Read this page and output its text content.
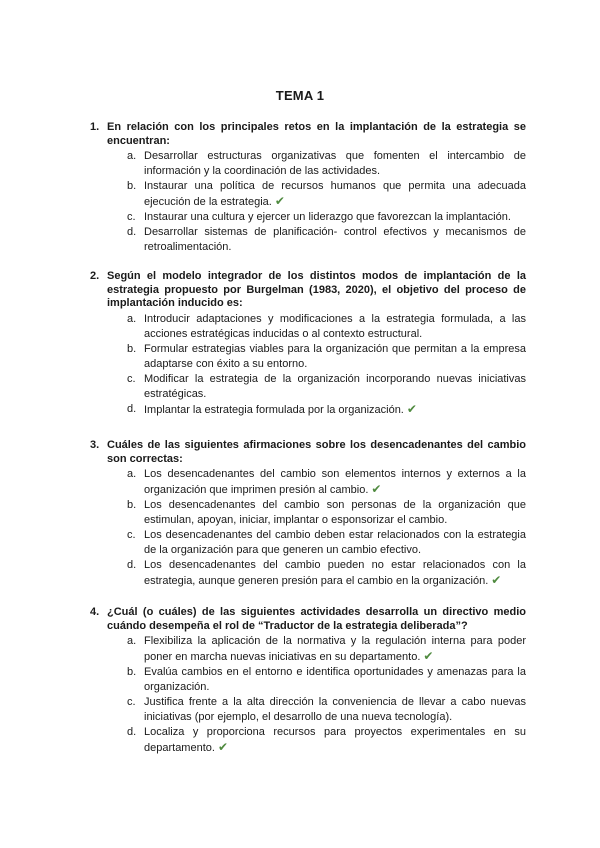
TEMA 1
1. En relación con los principales retos en la implantación de la estrategia se encuentran:
a. Desarrollar estructuras organizativas que fomenten el intercambio de información y la coordinación de las actividades.
b. Instaurar una política de recursos humanos que permita una adecuada ejecución de la estrategia. ✔
c. Instaurar una cultura y ejercer un liderazgo que favorezcan la implantación.
d. Desarrollar sistemas de planificación- control efectivos y mecanismos de retroalimentación.
2. Según el modelo integrador de los distintos modos de implantación de la estrategia propuesto por Burgelman (1983, 2020), el objetivo del proceso de implantación inducido es:
a. Introducir adaptaciones y modificaciones a la estrategia formulada, a las acciones estratégicas inducidas o al contexto estructural.
b. Formular estrategias viables para la organización que permitan a la empresa adaptarse con éxito a su entorno.
c. Modificar la estrategia de la organización incorporando nuevas iniciativas estratégicas.
d. Implantar la estrategia formulada por la organización. ✔
3. Cuáles de las siguientes afirmaciones sobre los desencadenantes del cambio son correctas:
a. Los desencadenantes del cambio son elementos internos y externos a la organización que imprimen presión al cambio. ✔
b. Los desencadenantes del cambio son personas de la organización que estimulan, apoyan, iniciar, implantar o esponsorizar el cambio.
c. Los desencadenantes del cambio deben estar relacionados con la estrategia de la organización para que generen un cambio efectivo.
d. Los desencadenantes del cambio pueden no estar relacionados con la estrategia, aunque generen presión para el cambio en la organización. ✔
4. ¿Cuál (o cuáles) de las siguientes actividades desarrolla un directivo medio cuándo desempeña el rol de “Traductor de la estrategia deliberada”?
a. Flexibiliza la aplicación de la normativa y la regulación interna para poder poner en marcha nuevas iniciativas en su departamento. ✔
b. Evalúa cambios en el entorno e identifica oportunidades y amenazas para la organización.
c. Justifica frente a la alta dirección la conveniencia de llevar a cabo nuevas iniciativas (por ejemplo, el desarrollo de una nueva tecnología).
d. Localiza y proporciona recursos para proyectos experimentales en su departamento. ✔
